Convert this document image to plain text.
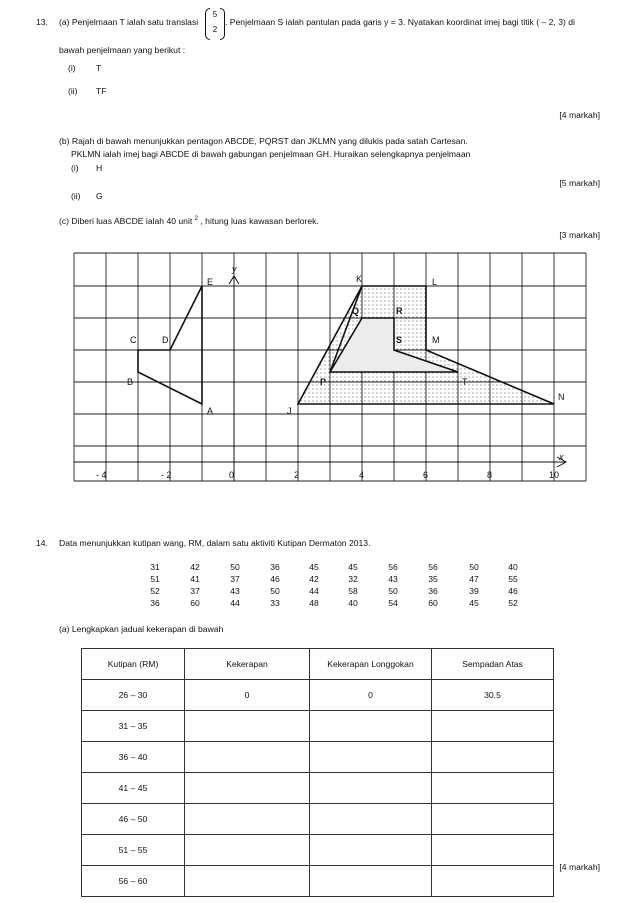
13. (a) Penjelmaan T ialah satu translasi
5
2
. Penjelmaan S ialah pantulan pada garis y = 3. Nyatakan koordinat imej bagi titik ( – 2, 3) di
bawah penjelmaan yang berikut :
(i) T
(ii) TF
[4 markah]
(b) Rajah di bawah menunjukkan pentagon ABCDE, PQRST dan JKLMN yang dilukis pada satah Cartesan.
PKLMN ialah imej bagi ABCDE di bawah gabungan penjelmaan GH. Huraikan selengkapnya penjelmaan
(i) H
[5 markah]
(ii) G
(c) Diberi luas ABCDE ialah 40 unit $^2$ , hitung luas kawasan berlorek.
[3 markah]
y
x
- 4	- 2	0	2	4	6	8	10
E
C	D
B
A	J
K	L
Q	R
S	M
P	T
N
14. Data menunjukkan kutipan wang, RM, dalam satu aktiviti Kutipan Dermaton 2013.
31	42	50	36	45	45	56	56	50	40
51	41	37	46	42	32	43	35	47	55
52	37	43	50	44	58	50	36	39	46
36	60	44	33	48	40	54	60	45	52
(a) Lengkapkan jadual kekerapan di bawah
Kutipan (RM)	Kekerapan	Kekerapan Longgokan	Sempadan Atas
26 – 30	0	0	30.5
31 – 35			
36 – 40			
41 – 45			
46 – 50			
51 – 55			
56 – 60			
[4 markah]
